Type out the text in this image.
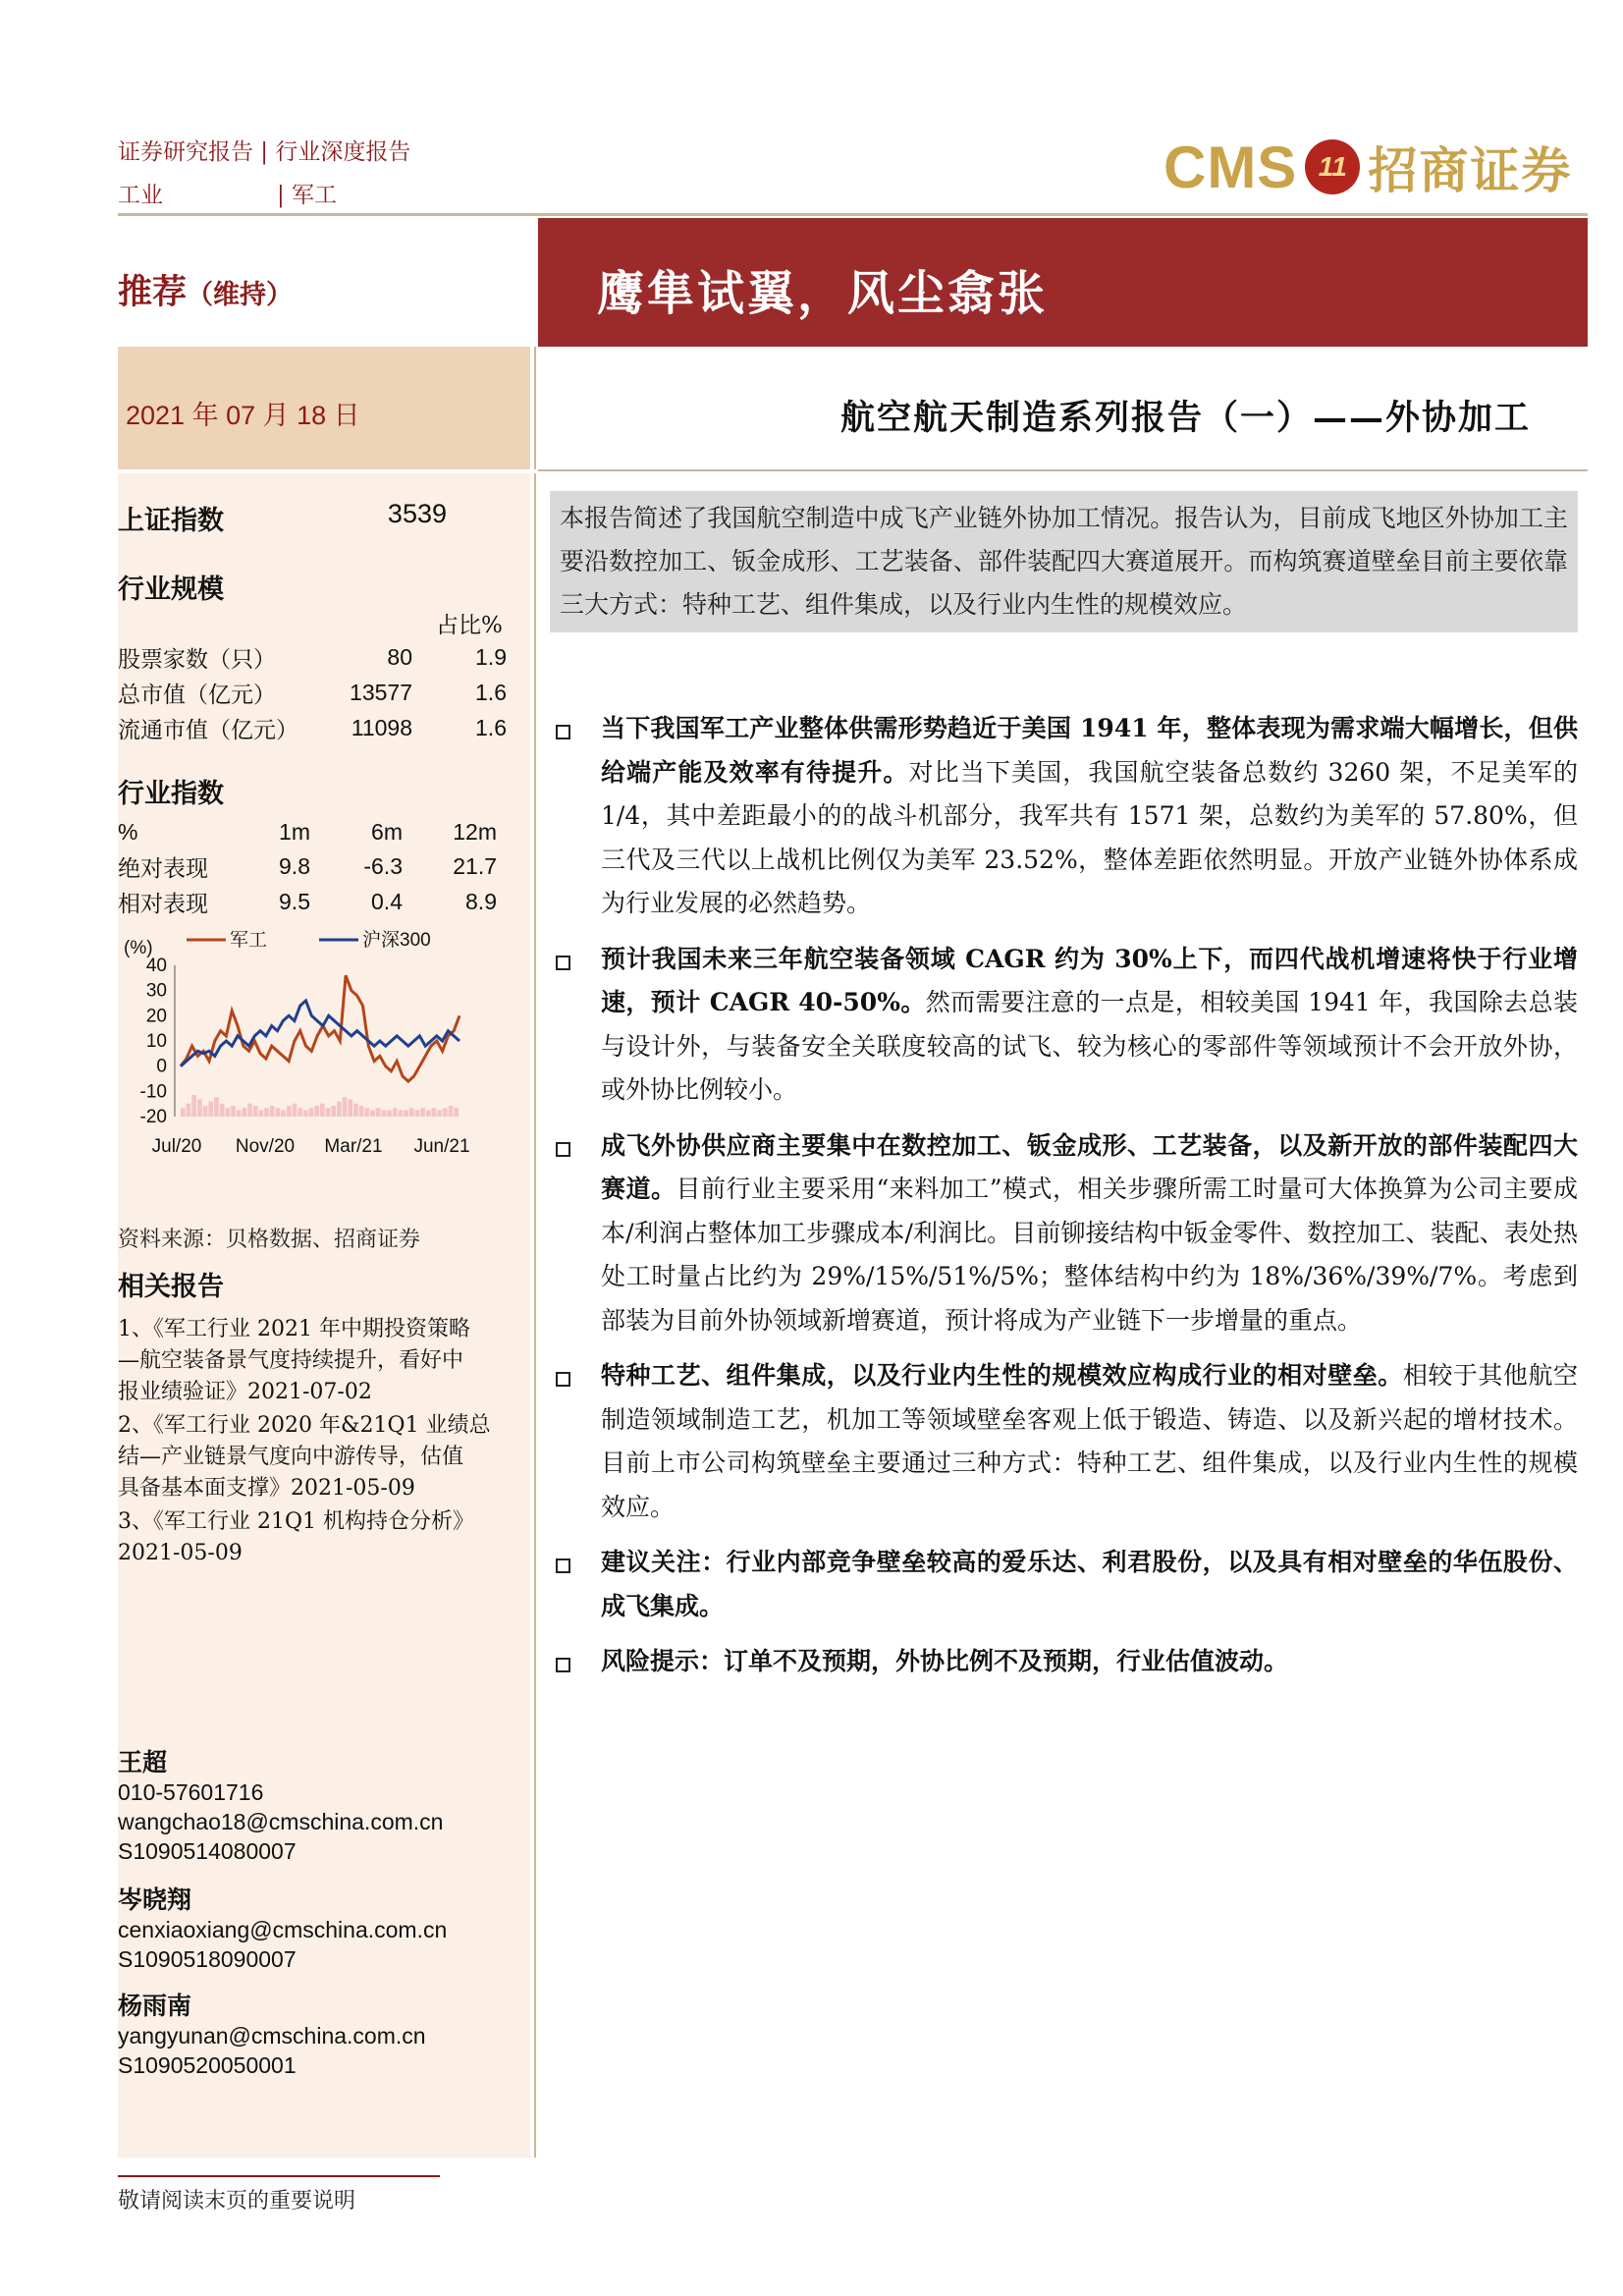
证券研究报告 | 行业深度报告
工业	| 军工	CMS 11 招商证券
推荐（维持）	鹰隼试翼，风尘翕张
2021 年 07 月 18 日	航空航天制造系列报告（一）——外协加工
上证指数	3539
行业规模
占比%
股票家数（只）	80	1.9
总市值（亿元）	13577	1.6
流通市值（亿元）	11098	1.6
行业指数
%	1m	6m	12m
绝对表现	9.8	-6.3	21.7
相对表现	9.5	0.4	8.9
(%)	军工	沪深300
40
30
20
10
0
-10
-20
Jul/20 Nov/20 Mar/21 Jun/21
资料来源：贝格数据、招商证券
相关报告
1、《军工行业 2021 年中期投资策略
—航空装备景气度持续提升，看好中
报业绩验证》2021-07-02
2、《军工行业 2020 年&21Q1 业绩总
结—产业链景气度向中游传导，估值
具备基本面支撑》2021-05-09
3、《军工行业 21Q1 机构持仓分析》
2021-05-09
王超
010-57601716
wangchao18@cmschina.com.cn
S1090514080007
岑晓翔
cenxiaoxiang@cmschina.com.cn
S1090518090007
杨雨南
yangyunan@cmschina.com.cn
S1090520050001
本报告简述了我国航空制造中成飞产业链外协加工情况。报告认为，目前成飞地区外协加工主要沿数控加工、钣金成形、工艺装备、部件装配四大赛道展开。而构筑赛道壁垒目前主要依靠三大方式：特种工艺、组件集成，以及行业内生性的规模效应。
当下我国军工产业整体供需形势趋近于美国 1941 年，整体表现为需求端大幅增长，但供给端产能及效率有待提升。对比当下美国，我国航空装备总数约 3260 架，不足美军的 1/4，其中差距最小的的战斗机部分，我军共有 1571 架，总数约为美军的 57.80%，但三代及三代以上战机比例仅为美军 23.52%，整体差距依然明显。开放产业链外协体系成为行业发展的必然趋势。
预计我国未来三年航空装备领域 CAGR 约为 30%上下，而四代战机增速将快于行业增速，预计 CAGR 40-50%。然而需要注意的一点是，相较美国 1941 年，我国除去总装与设计外，与装备安全关联度较高的试飞、较为核心的零部件等领域预计不会开放外协，或外协比例较小。
成飞外协供应商主要集中在数控加工、钣金成形、工艺装备，以及新开放的部件装配四大赛道。目前行业主要采用“来料加工”模式，相关步骤所需工时量可大体换算为公司主要成本/利润占整体加工步骤成本/利润比。目前铆接结构中钣金零件、数控加工、装配、表处热处工时量占比约为 29%/15%/51%/5%；整体结构中约为 18%/36%/39%/7%。考虑到部装为目前外协领域新增赛道，预计将成为产业链下一步增量的重点。
特种工艺、组件集成，以及行业内生性的规模效应构成行业的相对壁垒。相较于其他航空制造领域制造工艺，机加工等领域壁垒客观上低于锻造、铸造、以及新兴起的增材技术。目前上市公司构筑壁垒主要通过三种方式：特种工艺、组件集成，以及行业内生性的规模效应。
建议关注：行业内部竞争壁垒较高的爱乐达、利君股份，以及具有相对壁垒的华伍股份、成飞集成。
风险提示：订单不及预期，外协比例不及预期，行业估值波动。
敬请阅读末页的重要说明
